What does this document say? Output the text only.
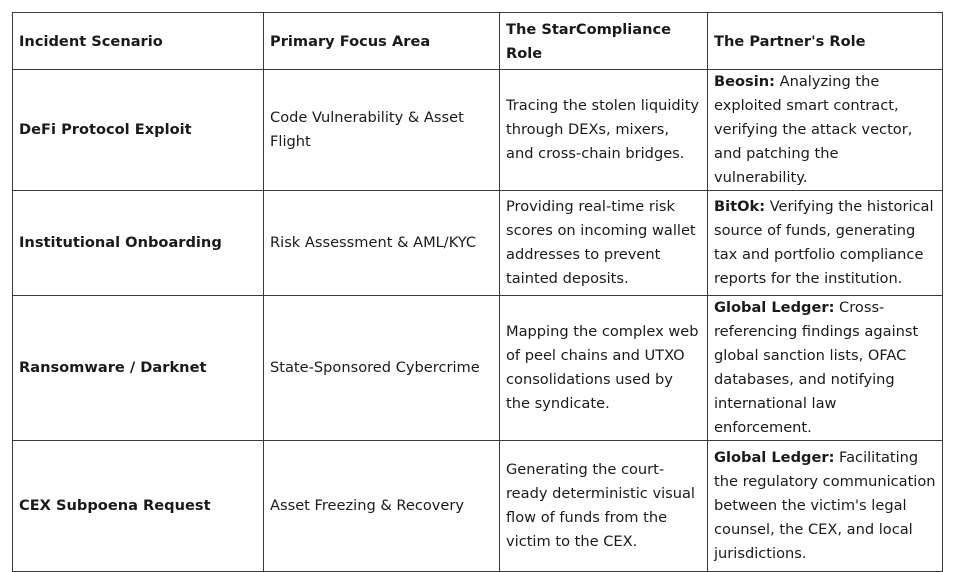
Incident Scenario	Primary Focus Area	The StarCompliance Role	The Partner's Role
DeFi Protocol Exploit	Code Vulnerability & Asset Flight	Tracing the stolen liquidity through DEXs, mixers, and cross-chain bridges.	Beosin: Analyzing the exploited smart contract, verifying the attack vector, and patching the vulnerability.
Institutional Onboarding	Risk Assessment & AML/KYC	Providing real-time risk scores on incoming wallet addresses to prevent tainted deposits.	BitOk: Verifying the historical source of funds, generating tax and portfolio compliance reports for the institution.
Ransomware / Darknet	State-Sponsored Cybercrime	Mapping the complex web of peel chains and UTXO consolidations used by the syndicate.	Global Ledger: Cross-referencing findings against global sanction lists, OFAC databases, and notifying international law enforcement.
CEX Subpoena Request	Asset Freezing & Recovery	Generating the court-ready deterministic visual flow of funds from the victim to the CEX.	Global Ledger: Facilitating the regulatory communication between the victim's legal counsel, the CEX, and local jurisdictions.
